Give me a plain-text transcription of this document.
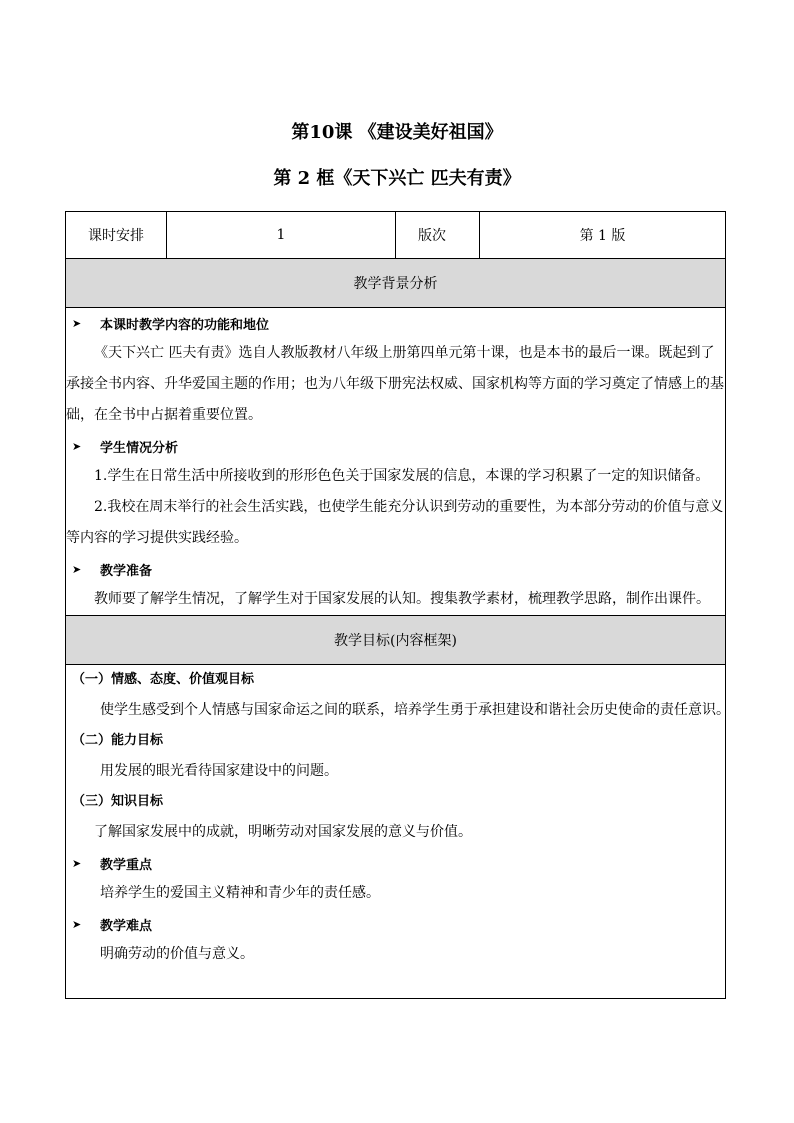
第10课 《建设美好祖国》
第 2 框《天下兴亡 匹夫有责》
课时安排	1	版次	第 1 版
教学背景分析

➤	本课时教学内容的功能和地位

《天下兴亡 匹夫有责》选自人教版教材八年级上册第四单元第十课，也是本书的最后一课。既起到了承接全书内容、升华爱国主题的作用；也为八年级下册宪法权威、国家机构等方面的学习奠定了情感上的基础，在全书中占据着重要位置。

➤	学生情况分析

1.学生在日常生活中所接收到的形形色色关于国家发展的信息，本课的学习积累了一定的知识储备。

2.我校在周末举行的社会生活实践，也使学生能充分认识到劳动的重要性，为本部分劳动的价值与意义等内容的学习提供实践经验。

➤	教学准备

教师要了解学生情况，了解学生对于国家发展的认知。搜集教学素材，梳理教学思路，制作出课件。

教学目标(内容框架)

（一）情感、态度、价值观目标
使学生感受到个人情感与国家命运之间的联系，培养学生勇于承担建设和谐社会历史使命的责任意识。
（二）能力目标
用发展的眼光看待国家建设中的问题。
（三）知识目标
了解国家发展中的成就，明晰劳动对国家发展的意义与价值。
➤	教学重点
培养学生的爱国主义精神和青少年的责任感。
➤	教学难点
明确劳动的价值与意义。
